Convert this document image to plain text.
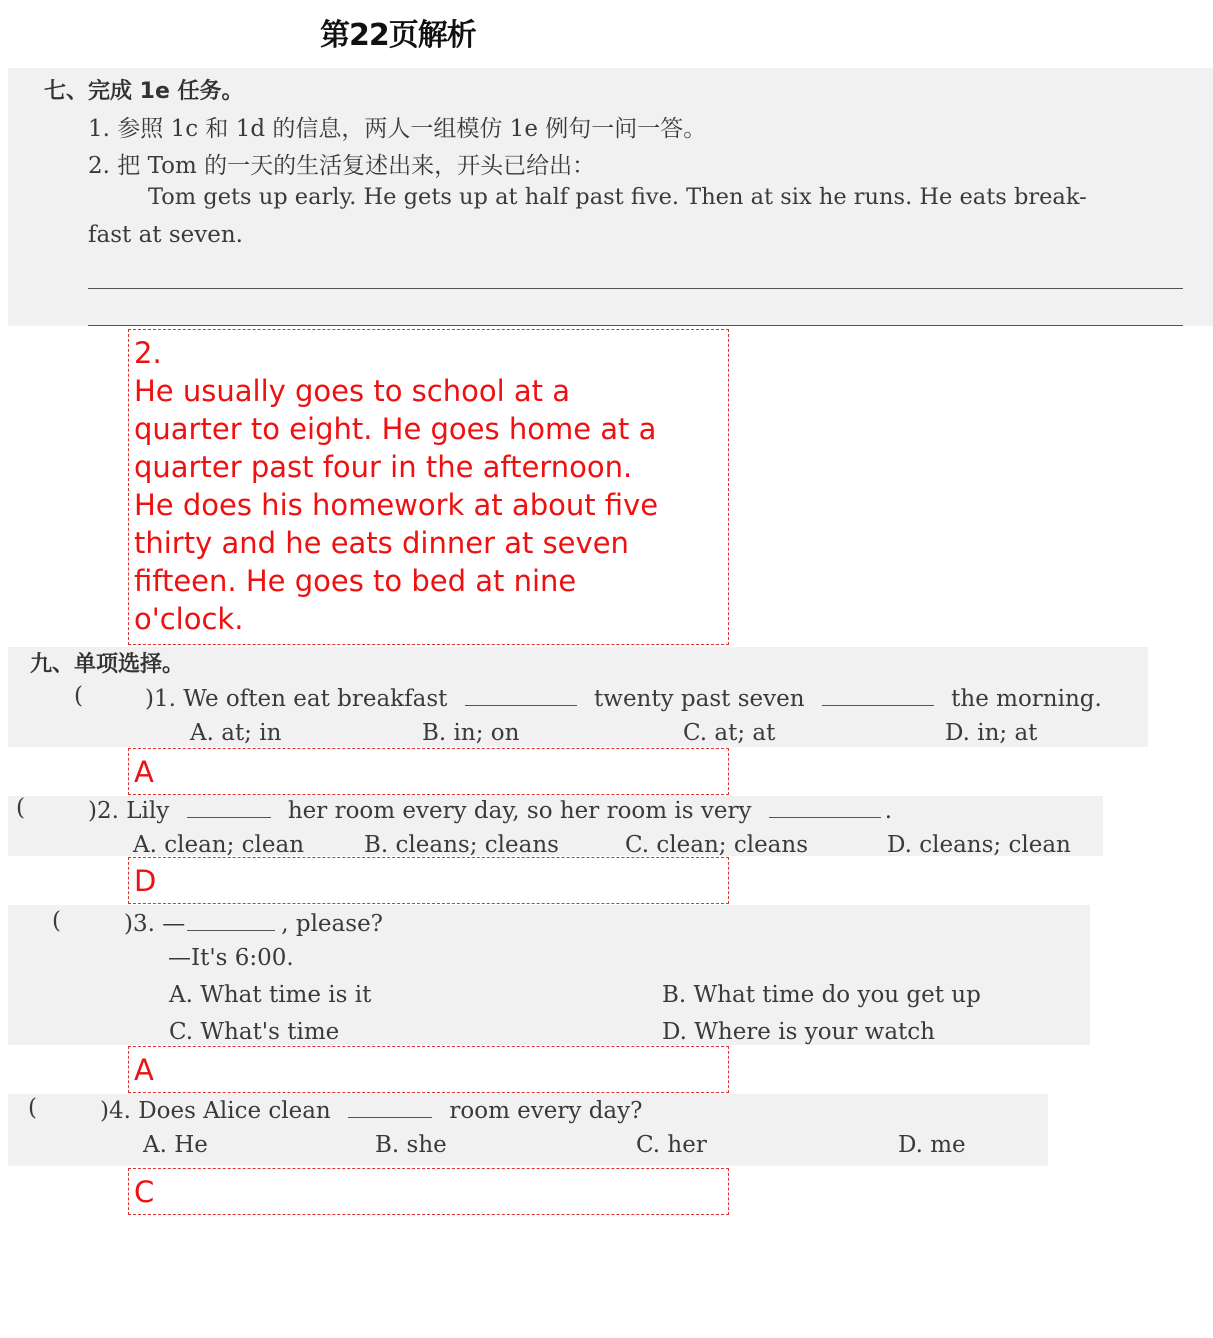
第22页解析
七、完成 1e 任务。
1. 参照 1c 和 1d 的信息，两人一组模仿 1e 例句一问一答。
2. 把 Tom 的一天的生活复述出来，开头已给出：
Tom gets up early. He gets up at half past five. Then at six he runs. He eats break-
fast at seven.
2.
He usually goes to school at a
quarter to eight. He goes home at a
quarter past four in the afternoon.
He does his homework at about five
thirty and he eats dinner at seven
fifteen. He goes to bed at nine
o'clock.
九、单项选择。
(	)1. We often eat breakfast	twenty past seven	the morning.
A. at; in	B. in; on	C. at; at	D. in; at
A
(	)2. Lily	her room every day, so her room is very	.
A. clean; clean	B. cleans; cleans	C. clean; cleans	D. cleans; clean
D
(	)3. —	, please?
—It's 6:00.
A. What time is it	B. What time do you get up
C. What's time	D. Where is your watch
A
(	)4. Does Alice clean	room every day?
A. He	B. she	C. her	D. me
C
